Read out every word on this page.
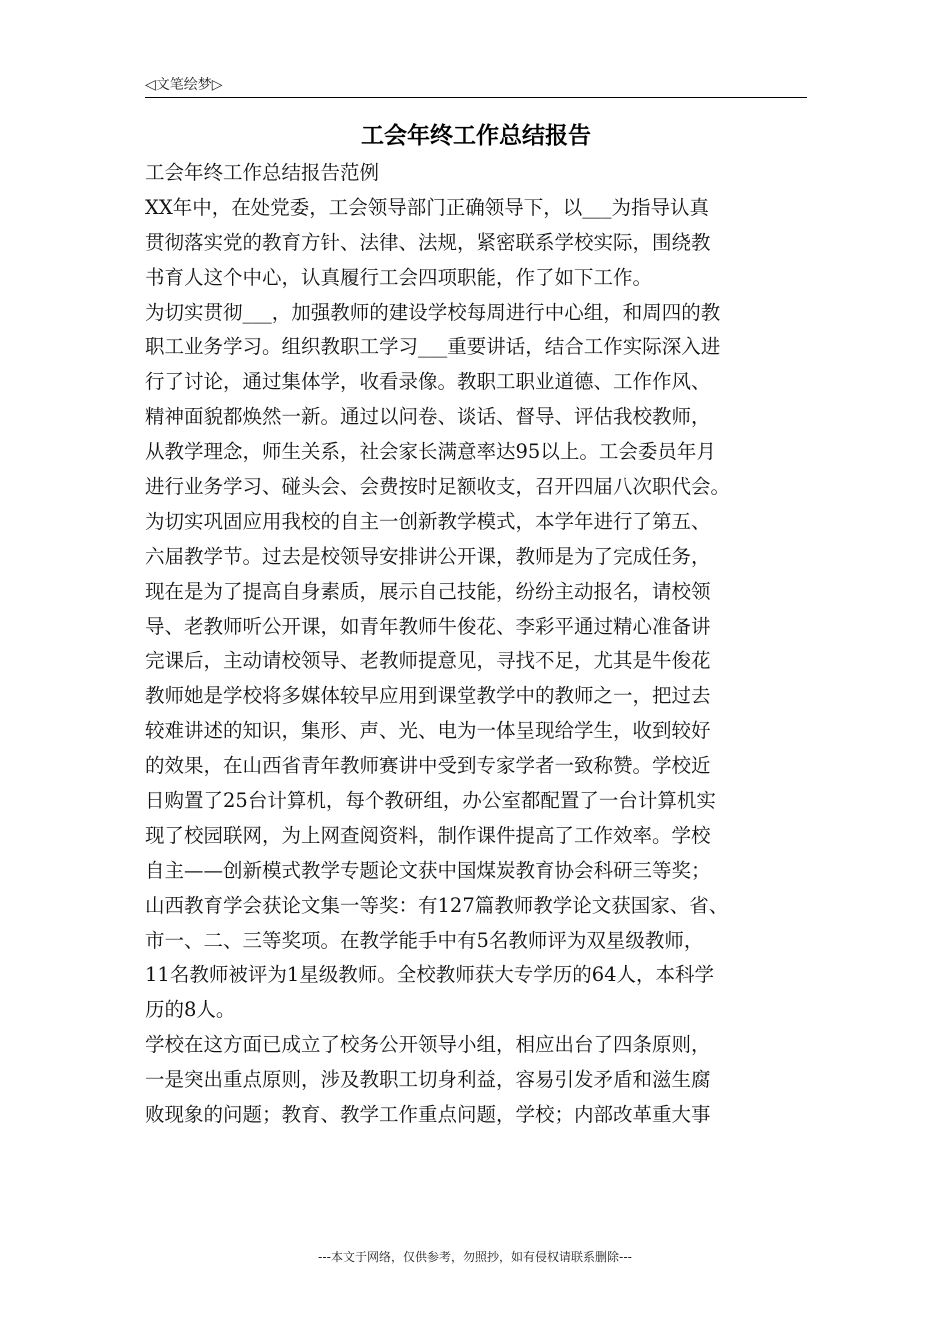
◁文笔绘梦▷
工会年终工作总结报告
工会年终工作总结报告范例
XX年中，在处党委，工会领导部门正确领导下，以___为指导认真
贯彻落实党的教育方针、法律、法规，紧密联系学校实际，围绕教
书育人这个中心，认真履行工会四项职能，作了如下工作。
为切实贯彻___，加强教师的建设学校每周进行中心组，和周四的教
职工业务学习。组织教职工学习___重要讲话，结合工作实际深入进
行了讨论，通过集体学，收看录像。教职工职业道德、工作作风、
精神面貌都焕然一新。通过以问卷、谈话、督导、评估我校教师，
从教学理念，师生关系，社会家长满意率达95以上。工会委员年月
进行业务学习、碰头会、会费按时足额收支，召开四届八次职代会。
为切实巩固应用我校的自主一创新教学模式，本学年进行了第五、
六届教学节。过去是校领导安排讲公开课，教师是为了完成任务，
现在是为了提高自身素质，展示自己技能，纷纷主动报名，请校领
导、老教师听公开课，如青年教师牛俊花、李彩平通过精心准备讲
完课后，主动请校领导、老教师提意见，寻找不足，尤其是牛俊花
教师她是学校将多媒体较早应用到课堂教学中的教师之一，把过去
较难讲述的知识，集形、声、光、电为一体呈现给学生，收到较好
的效果，在山西省青年教师赛讲中受到专家学者一致称赞。学校近
日购置了25台计算机，每个教研组，办公室都配置了一台计算机实
现了校园联网，为上网查阅资料，制作课件提高了工作效率。学校
自主——创新模式教学专题论文获中国煤炭教育协会科研三等奖；
山西教育学会获论文集一等奖：有127篇教师教学论文获国家、省、
市一、二、三等奖项。在教学能手中有5名教师评为双星级教师，
11名教师被评为1星级教师。全校教师获大专学历的64人，本科学
历的8人。
学校在这方面已成立了校务公开领导小组，相应出台了四条原则，
一是突出重点原则，涉及教职工切身利益，容易引发矛盾和滋生腐
败现象的问题；教育、教学工作重点问题，学校；内部改革重大事
---本文于网络，仅供参考，勿照抄，如有侵权请联系删除---
